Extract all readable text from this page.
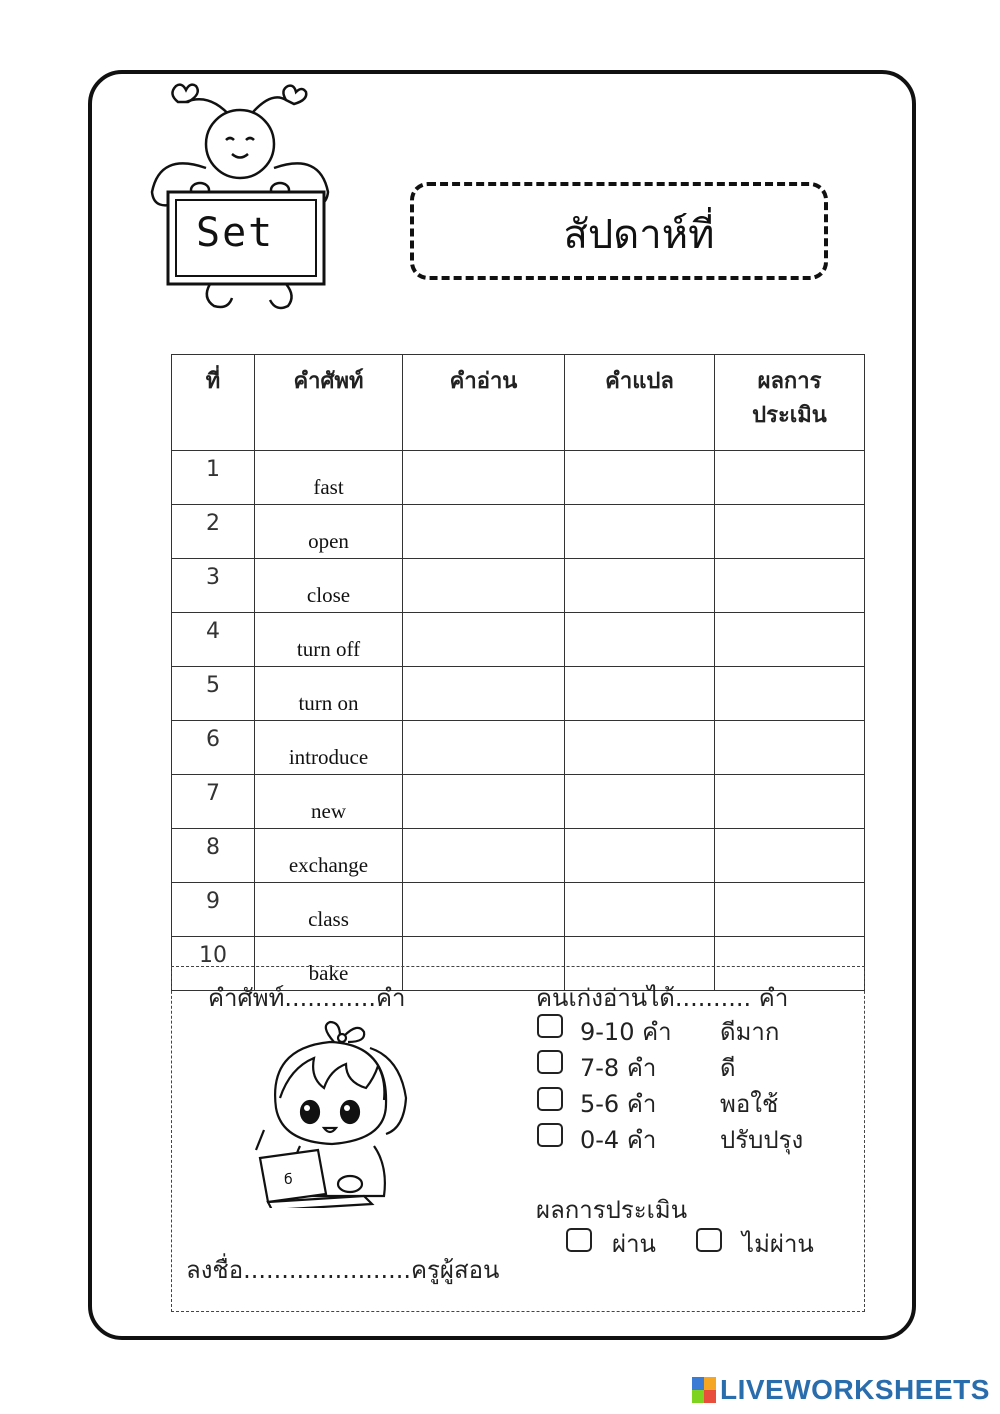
Set	สัปดาห์ที่
ที่	คำศัพท์	คำอ่าน	คำแปล	ผลการ ประเมิน
1	fast			
2	open			
3	close			
4	turn off			
5	turn on			
6	introduce			
7	new			
8	exchange			
9	class			
10	bake			
คำศัพท์............คำ	คนเก่งอ่านได้.......... คำ
9-10 คำ ดีมาก
7-8 คำ	ดี
5-6 คำ	พอใช้
0-4 คำ	ปรับปรุง
ผลการประเมิน
ผ่าน	ไม่ผ่าน
ลงชื่อ......................ครูผู้สอน
б
LIVEWORKSHEETS
